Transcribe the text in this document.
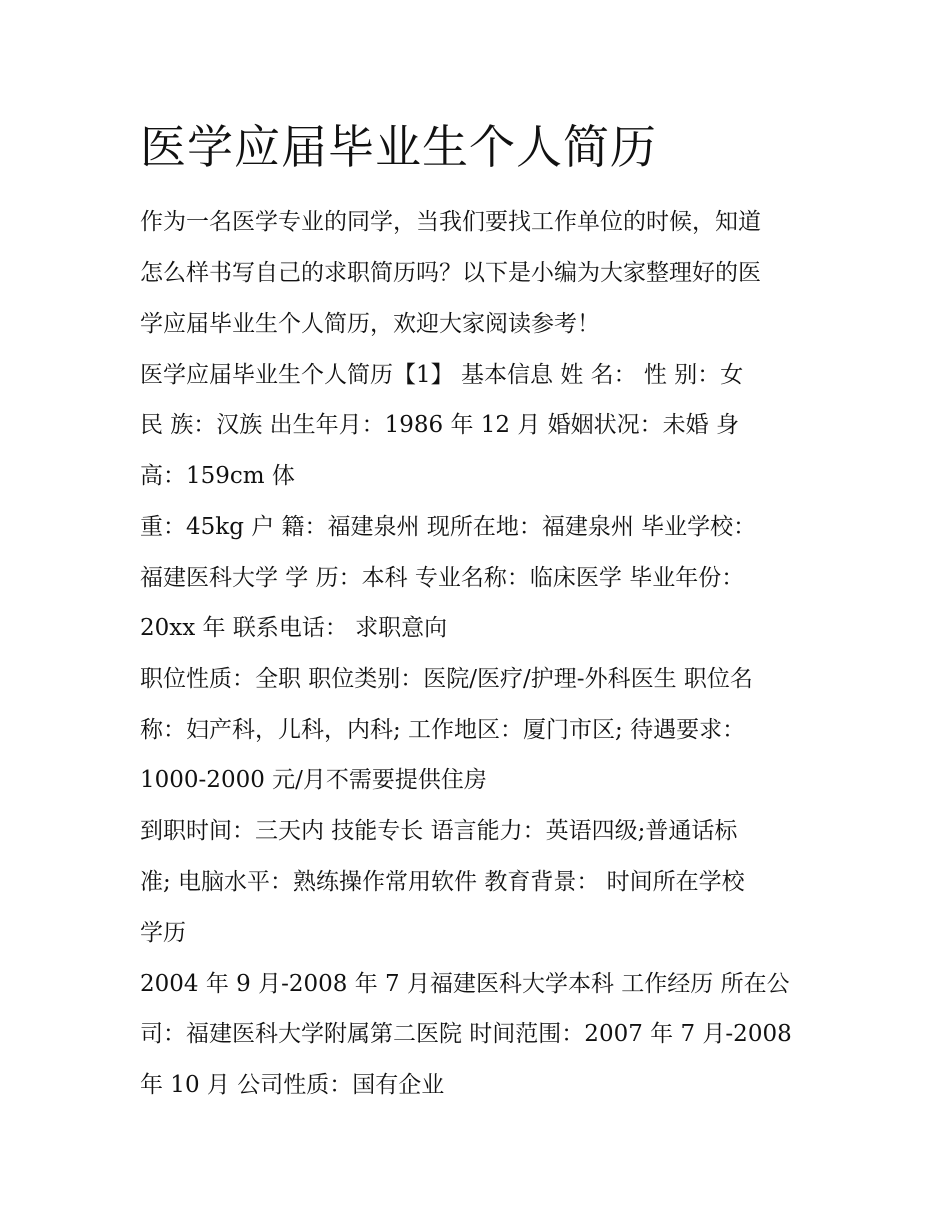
医学应届毕业生个人简历

作为一名医学专业的同学，当我们要找工作单位的时候，知道

怎么样书写自己的求职简历吗？以下是小编为大家整理好的医

学应届毕业生个人简历，欢迎大家阅读参考！

医学应届毕业生个人简历【1】 基本信息 姓 名： 性 别：女

民 族：汉族 出生年月：1986 年 12 月 婚姻状况：未婚 身

高：159cm 体

重：45kg 户 籍：福建泉州 现所在地：福建泉州 毕业学校：

福建医科大学 学 历：本科 专业名称：临床医学 毕业年份：

20xx 年 联系电话： 求职意向

职位性质：全职 职位类别：医院/医疗/护理-外科医生 职位名

称：妇产科，儿科，内科; 工作地区：厦门市区; 待遇要求：

1000-2000 元/月不需要提供住房

到职时间：三天内 技能专长 语言能力：英语四级;普通话标

准; 电脑水平：熟练操作常用软件 教育背景： 时间所在学校

学历

2004 年 9 月-2008 年 7 月福建医科大学本科 工作经历 所在公

司：福建医科大学附属第二医院 时间范围：2007 年 7 月-2008

年 10 月 公司性质：国有企业
